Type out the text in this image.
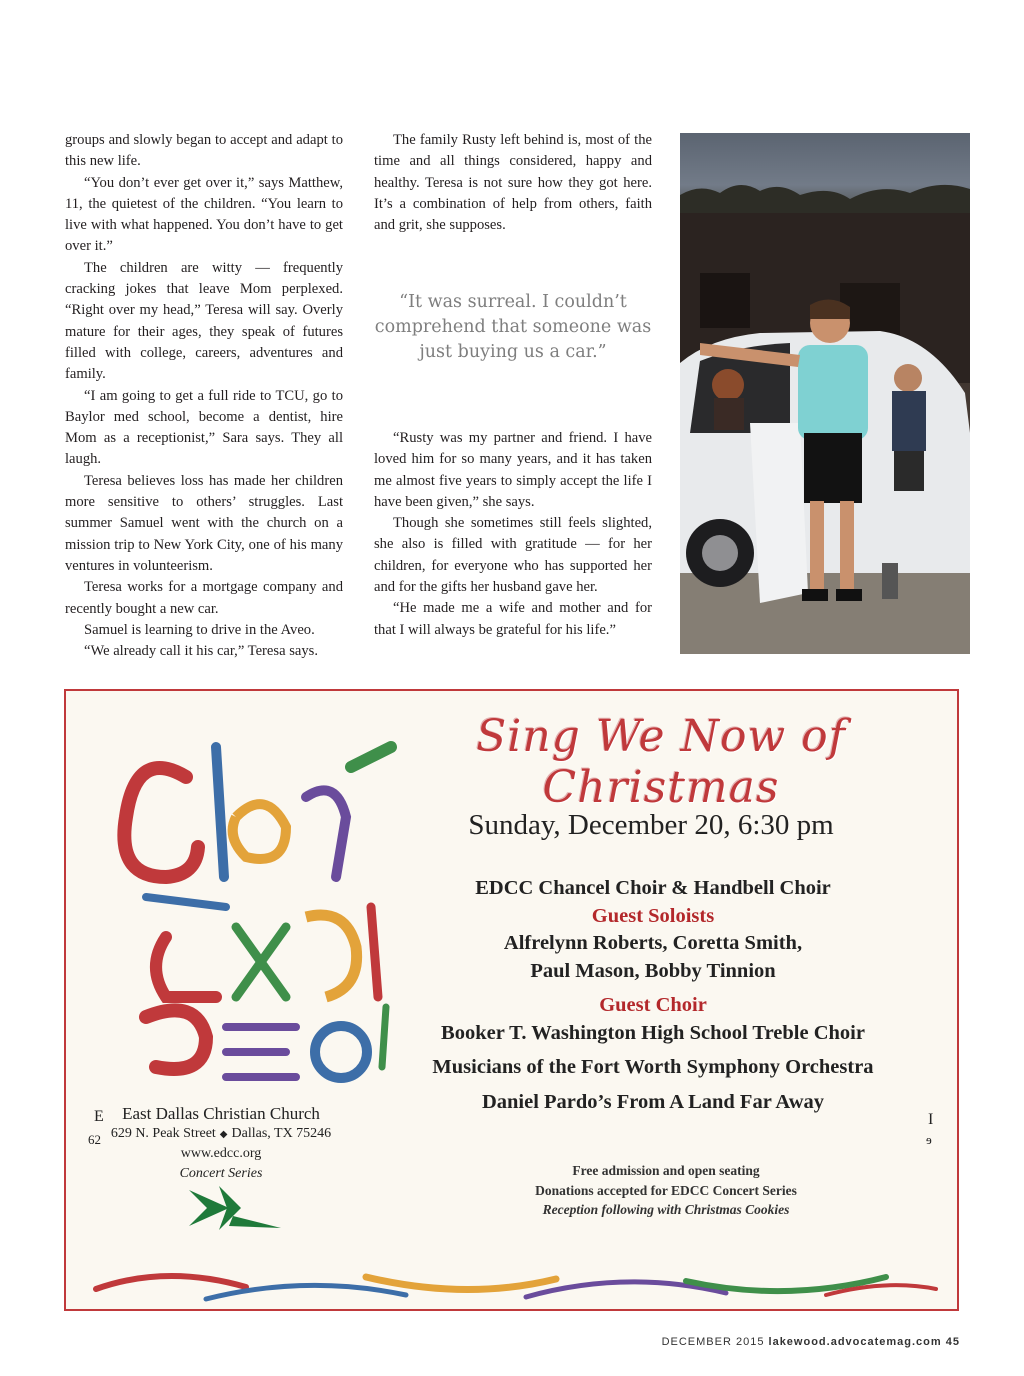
groups and slowly began to accept and adapt to this new life.

“You don’t ever get over it,” says Matthew, 11, the quietest of the children. “You learn to live with what happened. You don’t have to get over it.”

The children are witty — frequently cracking jokes that leave Mom perplexed. “Right over my head,” Teresa will say. Overly mature for their ages, they speak of futures filled with college, careers, adventures and family.

“I am going to get a full ride to TCU, go to Baylor med school, become a dentist, hire Mom as a receptionist,” Sara says. They all laugh.

Teresa believes loss has made her children more sensitive to others’ struggles. Last summer Samuel went with the church on a mission trip to New York City, one of his many ventures in volunteerism.

Teresa works for a mortgage company and recently bought a new car.

Samuel is learning to drive in the Aveo.

“We already call it his car,” Teresa says.

The family Rusty left behind is, most of the time and all things considered, happy and healthy. Teresa is not sure how they got here. It’s a combination of help from others, faith and grit, she supposes.

“It was surreal. I couldn’t comprehend that someone was just buying us a car.”

“Rusty was my partner and friend. I have loved him for so many years, and it has taken me almost five years to simply accept the life I have been given,” she says.

Though she sometimes still feels slighted, she also is filled with gratitude — for her children, for everyone who has supported her and for the gifts her husband gave her.

“He made me a wife and mother and for that I will always be grateful for his life.”

Sing We Now of Christmas
Sunday, December 20, 6:30 pm
EDCC Chancel Choir & Handbell Choir
Guest Soloists
Alfrelynn Roberts, Coretta Smith,
Paul Mason, Bobby Tinnion
Guest Choir
Booker T. Washington High School Treble Choir
Musicians of the Fort Worth Symphony Orchestra
Daniel Pardo’s From A Land Far Away
E
62
I
ɘ
East Dallas Christian Church
629 N. Peak Street ◆ Dallas, TX 75246
www.edcc.org
Concert Series	Free admission and open seating
Donations accepted for EDCC Concert Series
Reception following with Christmas Cookies
DECEMBER 2015 lakewood.advocatemag.com 45
